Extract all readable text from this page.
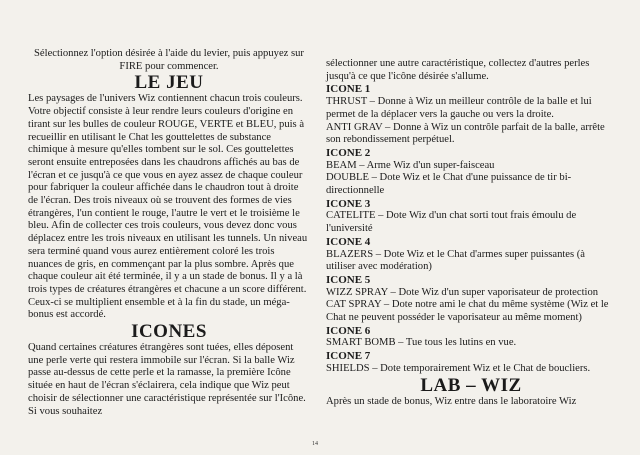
Sélectionnez l'option désirée à l'aide du levier, puis appuyez sur FIRE pour commencer.

LE JEU

Les paysages de l'univers Wiz contiennent chacun trois couleurs. Votre objectif consiste à leur rendre leurs couleurs d'origine en tirant sur les bulles de couleur ROUGE, VERTE et BLEU, puis à recueillir en utilisant le Chat les gouttelettes de substance chimique à mesure qu'elles tombent sur le sol. Ces gouttelettes seront ensuite entreposées dans les chaudrons affichés au bas de l'écran et ce jusqu'à ce que vous en ayez assez de chaque couleur pour fabriquer la couleur affichée dans le chaudron tout à droite de l'écran. Des trois niveaux où se trouvent des formes de vies étrangères, l'un contient le rouge, l'autre le vert et le troisième le bleu. Afin de collecter ces trois couleurs, vous devez donc vous déplacez entre les trois niveaux en utilisant les tunnels. Un niveau sera terminé quand vous aurez entièrement coloré les trois nuances de gris, en commençant par la plus sombre. Après que chaque couleur ait été terminée, il y a un stade de bonus. Il y a là trois types de créatures étrangères et chacune a un score différent. Ceux-ci se multiplient ensemble et à la fin du stade, un méga-bonus est accordé.

ICONES

Quand certaines créatures étrangères sont tuées, elles déposent une perle verte qui restera immobile sur l'écran. Si la balle Wiz passe au-dessus de cette perle et la ramasse, la première Icône située en haut de l'écran s'éclairera, cela indique que Wiz peut choisir de sélectionner une caractéristique représentée sur l'Icône. Si vous souhaitez

sélectionner une autre caractéristique, collectez d'autres perles jusqu'à ce que l'icône désirée s'allume.

ICONE 1

THRUST – Donne à Wiz un meilleur contrôle de la balle et lui permet de la déplacer vers la gauche ou vers la droite.

ANTI GRAV – Donne à Wiz un contrôle parfait de la balle, arrête son rebondissement perpétuel.

ICONE 2

BEAM – Arme Wiz d'un super-faisceau

DOUBLE – Dote Wiz et le Chat d'une puissance de tir bi-directionnelle

ICONE 3

CATELITE – Dote Wiz d'un chat sorti tout frais émoulu de l'université

ICONE 4

BLAZERS – Dote Wiz et le Chat d'armes super puissantes (à utiliser avec modération)

ICONE 5

WIZZ SPRAY – Dote Wiz d'un super vaporisateur de protection

CAT SPRAY – Dote notre ami le chat du même système (Wiz et le Chat ne peuvent posséder le vaporisateur au même moment)

ICONE 6

SMART BOMB – Tue tous les lutins en vue.

ICONE 7

SHIELDS – Dote temporairement Wiz et le Chat de boucliers.

LAB – WIZ

Après un stade de bonus, Wiz entre dans le laboratoire Wiz

14
